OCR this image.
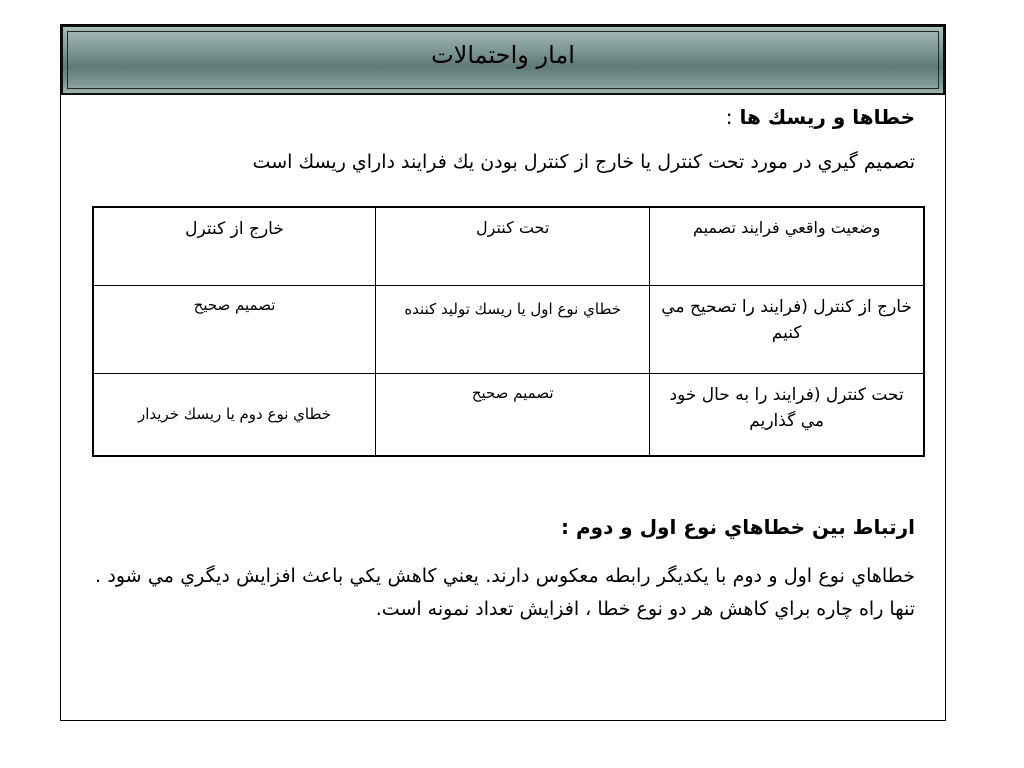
امار واحتمالات
خطاها و ريسك ها :
تصميم گيري در مورد تحت كنترل يا خارج از كنترل بودن يك فرايند داراي ريسك است
وضعيت واقعي فرايند تصميم	تحت كنترل	خارج از كنترل
خارج از كنترل (فرايند را تصحيح مي كنيم	خطاي نوع اول يا ريسك توليد كننده	تصميم صحيح
تحت كنترل (فرايند را به حال خود مي گذاريم	تصميم صحيح	خطاي نوع دوم يا ريسك خريدار
ارتباط بين خطاهاي نوع اول و دوم :
خطاهاي نوع اول و دوم با يكديگر رابطه معكوس دارند. يعني كاهش يكي باعث افزايش ديگري مي شود . تنها راه چاره براي كاهش هر دو نوع خطا ، افزايش تعداد نمونه است.
